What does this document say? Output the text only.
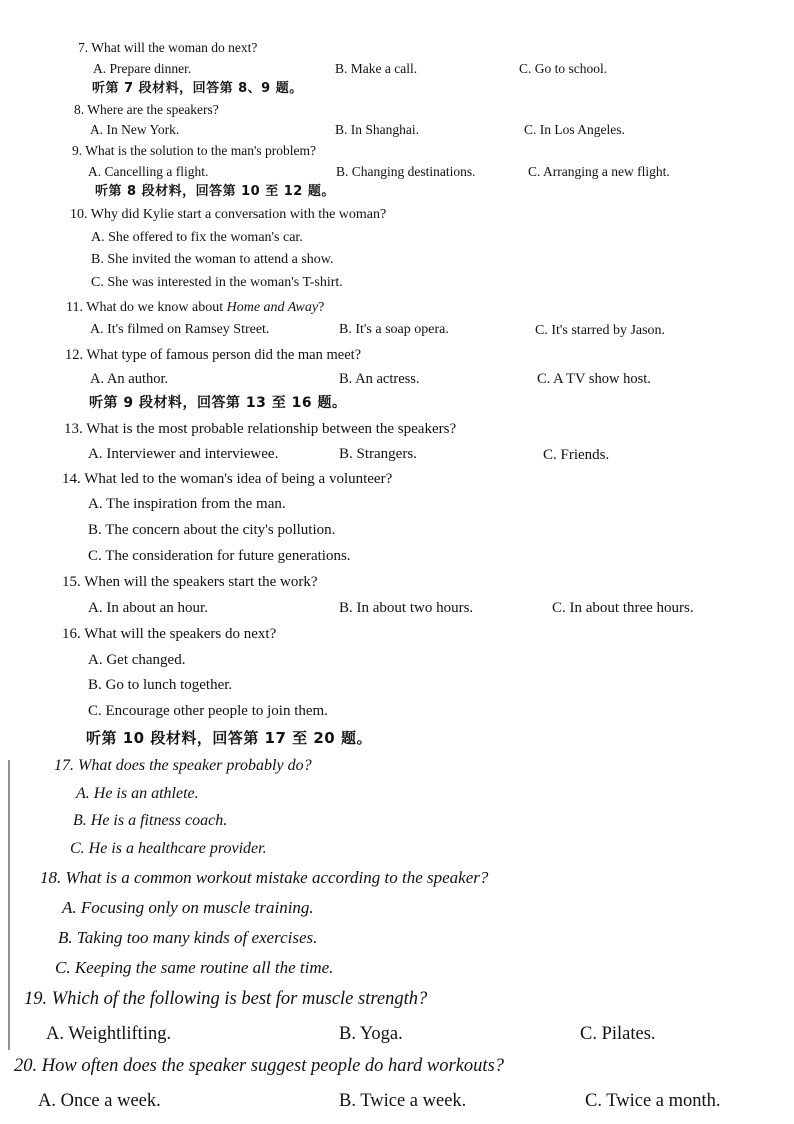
7. What will the woman do next?
A. Prepare dinner.	B. Make a call.	C. Go to school.
听第 7 段材料，回答第 8、9 题。
8. Where are the speakers?
A. In New York.	B. In Shanghai.	C. In Los Angeles.
9. What is the solution to the man's problem?
A. Cancelling a flight.	B. Changing destinations.	C. Arranging a new flight.
听第 8 段材料，回答第 10 至 12 题。
10. Why did Kylie start a conversation with the woman?
A. She offered to fix the woman's car.
B. She invited the woman to attend a show.
C. She was interested in the woman's T-shirt.
11. What do we know about Home and Away?
A. It's filmed on Ramsey Street.	B. It's a soap opera.	C. It's starred by Jason.
12. What type of famous person did the man meet?
A. An author.	B. An actress.	C. A TV show host.
听第 9 段材料，回答第 13 至 16 题。
13. What is the most probable relationship between the speakers?
A. Interviewer and interviewee.	B. Strangers.	C. Friends.
14. What led to the woman's idea of being a volunteer?
A. The inspiration from the man.
B. The concern about the city's pollution.
C. The consideration for future generations.
15. When will the speakers start the work?
A. In about an hour.	B. In about two hours.	C. In about three hours.
16. What will the speakers do next?
A. Get changed.
B. Go to lunch together.
C. Encourage other people to join them.
听第 10 段材料，回答第 17 至 20 题。
17. What does the speaker probably do?
A. He is an athlete.
B. He is a fitness coach.
C. He is a healthcare provider.
18. What is a common workout mistake according to the speaker?
A. Focusing only on muscle training.
B. Taking too many kinds of exercises.
C. Keeping the same routine all the time.
19. Which of the following is best for muscle strength?
A. Weightlifting.	B. Yoga.	C. Pilates.
20. How often does the speaker suggest people do hard workouts?
A. Once a week.	B. Twice a week.	C. Twice a month.
